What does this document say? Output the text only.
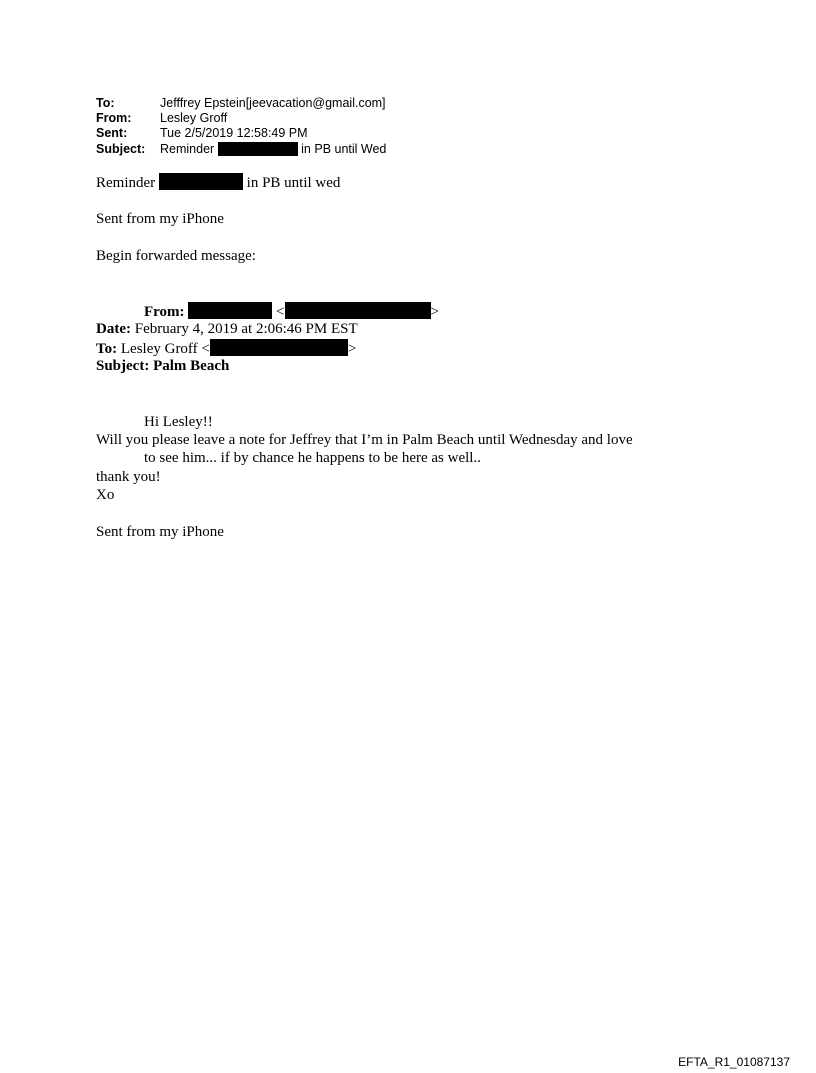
To:	Jefffrey Epstein[jeevacation@gmail.com]
From: Lesley Groff
Sent:	Tue 2/5/2019 12:58:49 PM
Subject: Reminder	in PB until Wed
Reminder	in PB until wed
Sent from my iPhone
Begin forwarded message:
From:	<	>
Date: February 4, 2019 at 2:06:46 PM EST
To: Lesley Groff <	>
Subject: Palm Beach
Hi Lesley!!
Will you please leave a note for Jeffrey that I’m in Palm Beach until Wednesday and love
to see him... if by chance he happens to be here as well..
thank you!
Xo
Sent from my iPhone
EFTA_R1_01087137
